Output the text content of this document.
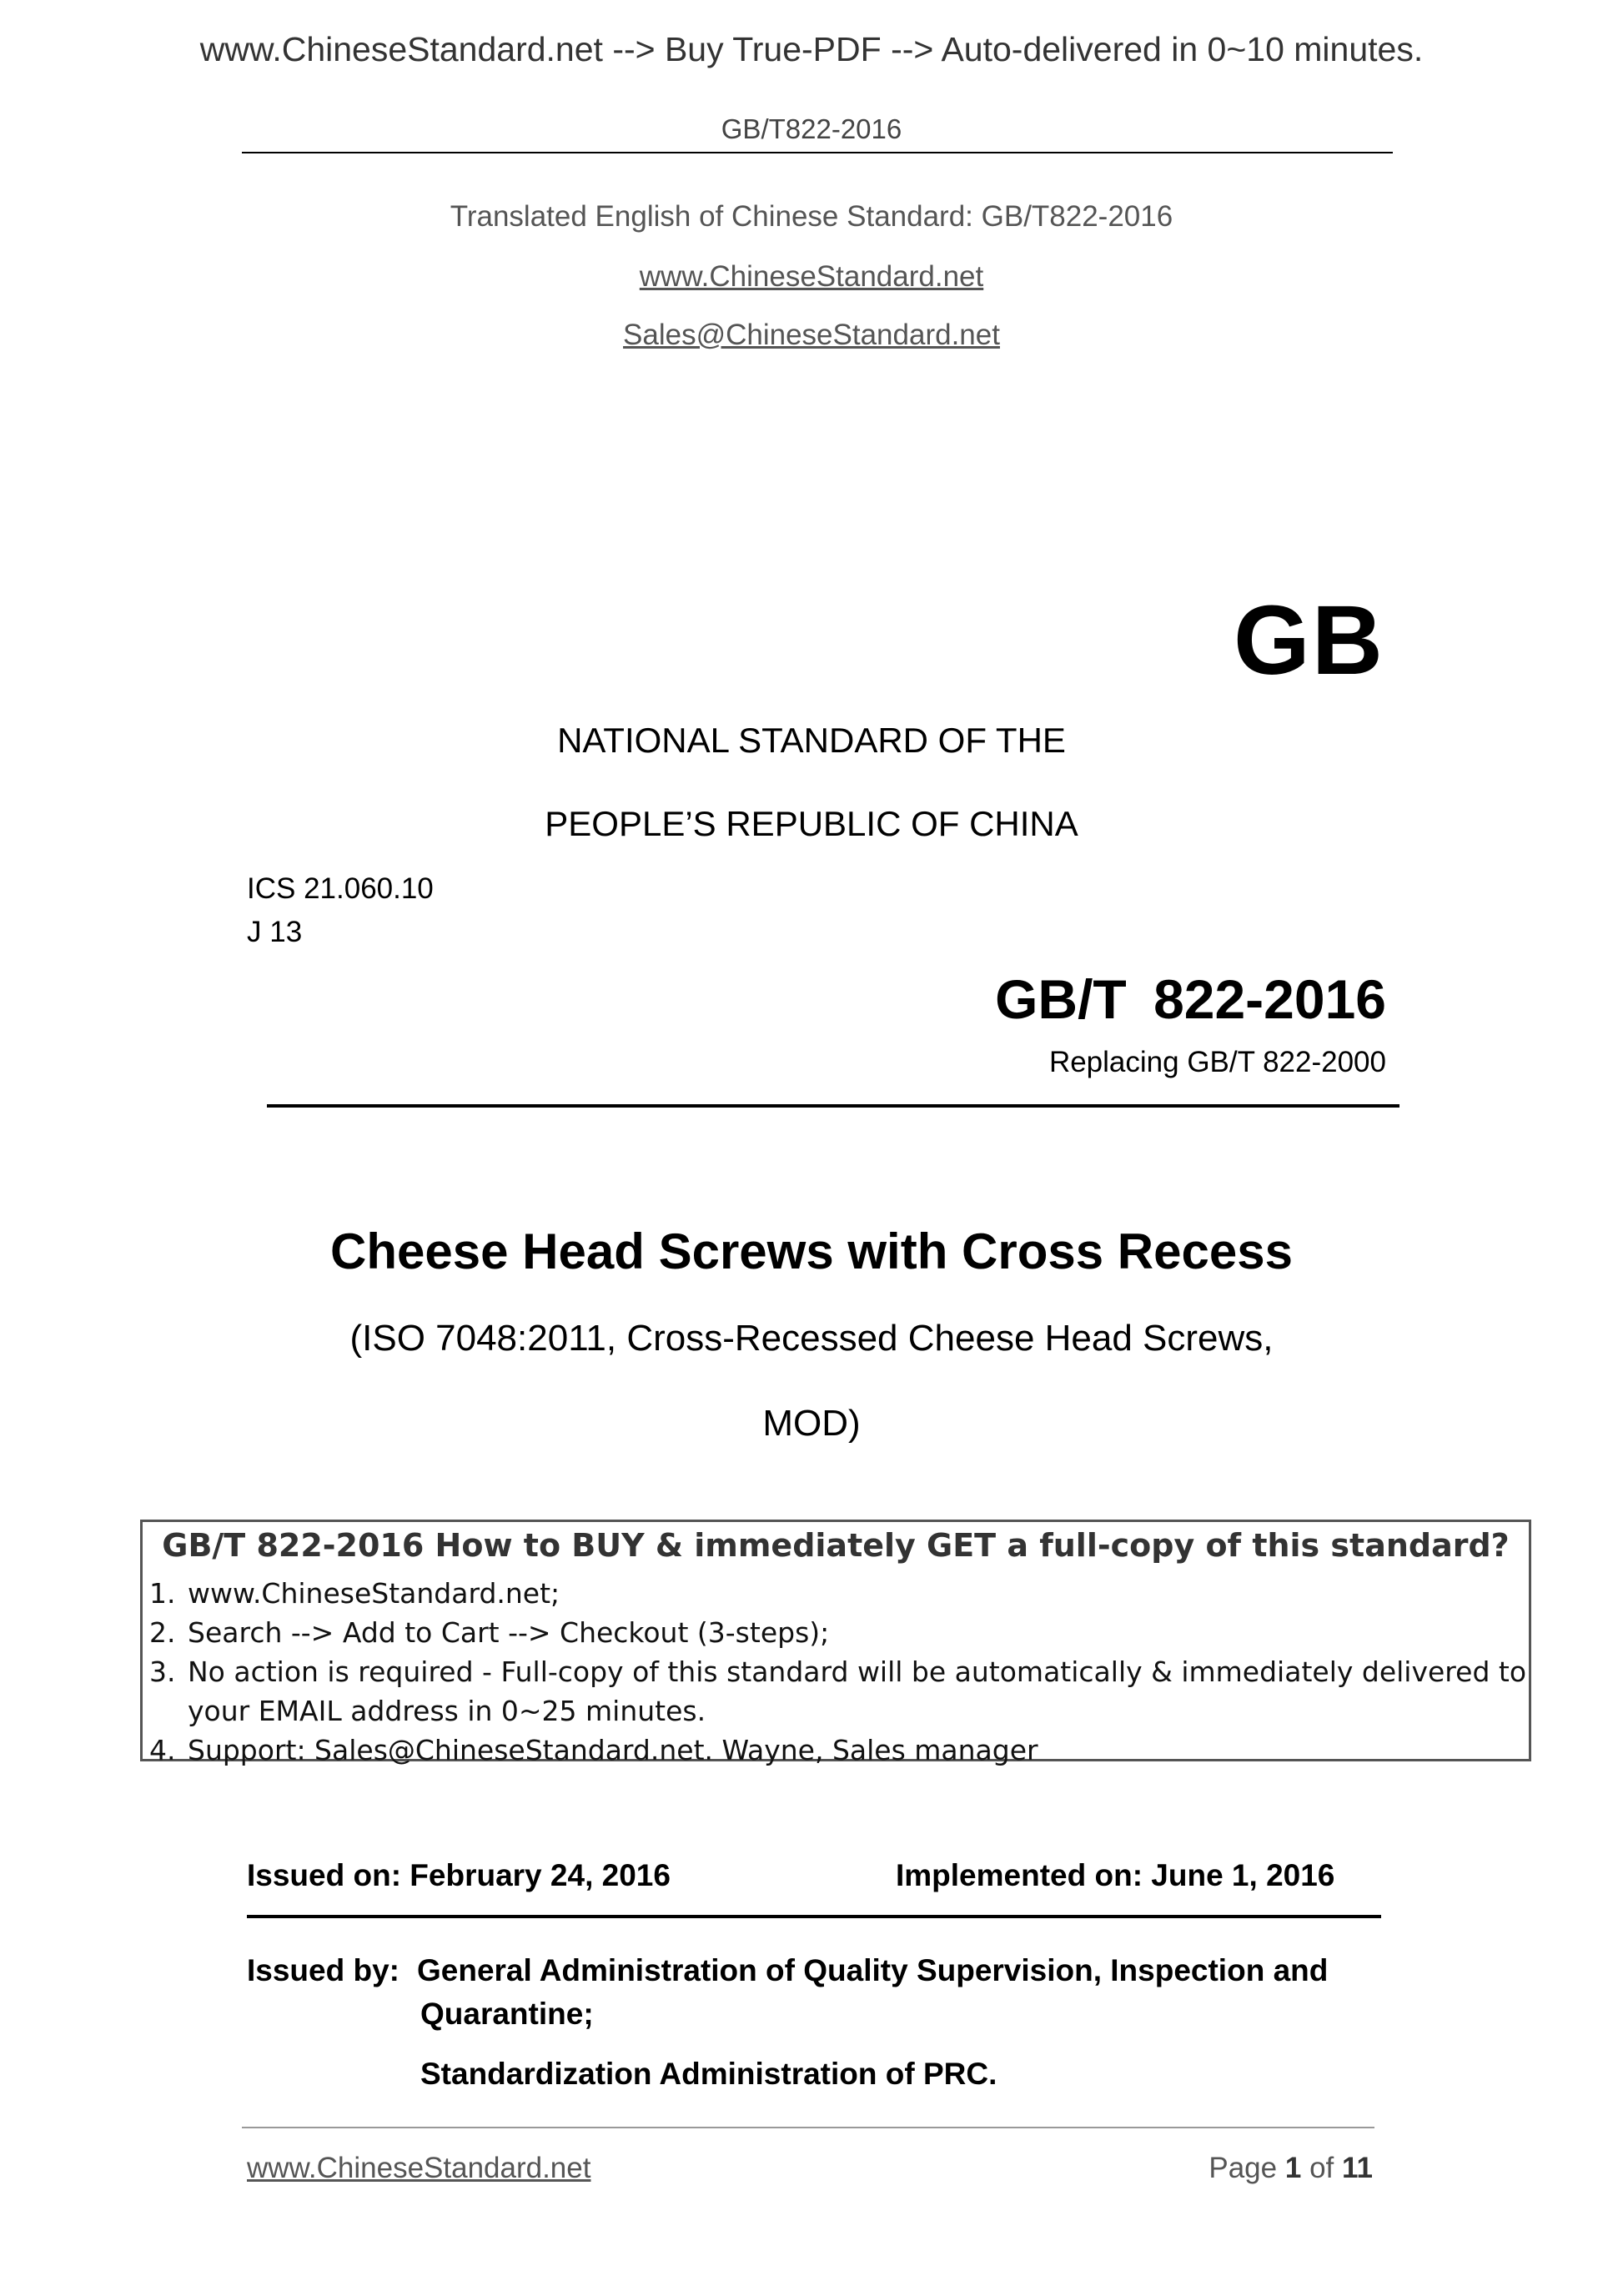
www.ChineseStandard.net --> Buy True-PDF --> Auto-delivered in 0~10 minutes.
GB/T822-2016
Translated English of Chinese Standard: GB/T822-2016
www.ChineseStandard.net
Sales@ChineseStandard.net
GB
NATIONAL STANDARD OF THE
PEOPLE’S REPUBLIC OF CHINA
ICS 21.060.10
J 13
GB/T 822-2016
Replacing GB/T 822-2000
Cheese Head Screws with Cross Recess
(ISO 7048:2011, Cross-Recessed Cheese Head Screws,
MOD)
GB/T 822-2016 How to BUY & immediately GET a full-copy of this standard?
1. www.ChineseStandard.net;
2. Search --> Add to Cart --> Checkout (3-steps);
3. No action is required - Full-copy of this standard will be automatically & immediately delivered to your EMAIL address in 0~25 minutes.
4. Support: Sales@ChineseStandard.net. Wayne, Sales manager
Issued on: February 24, 2016	Implemented on: June 1, 2016
Issued by: General Administration of Quality Supervision, Inspection and
Quarantine;
Standardization Administration of PRC.
www.ChineseStandard.net	Page 1 of 11
